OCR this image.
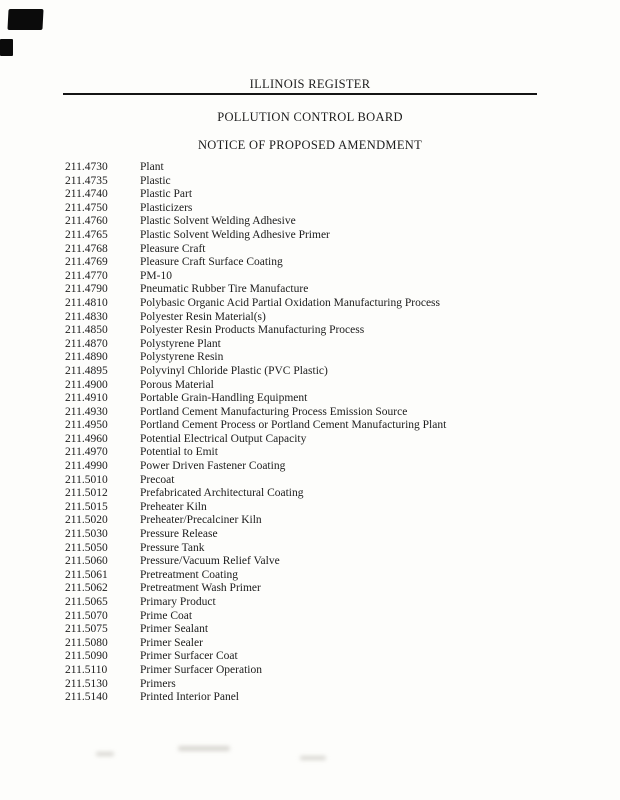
ILLINOIS REGISTER
POLLUTION CONTROL BOARD
NOTICE OF PROPOSED AMENDMENT
211.4730	Plant
211.4735	Plastic
211.4740	Plastic Part
211.4750	Plasticizers
211.4760	Plastic Solvent Welding Adhesive
211.4765	Plastic Solvent Welding Adhesive Primer
211.4768	Pleasure Craft
211.4769	Pleasure Craft Surface Coating
211.4770	PM-10
211.4790	Pneumatic Rubber Tire Manufacture
211.4810	Polybasic Organic Acid Partial Oxidation Manufacturing Process
211.4830	Polyester Resin Material(s)
211.4850	Polyester Resin Products Manufacturing Process
211.4870	Polystyrene Plant
211.4890	Polystyrene Resin
211.4895	Polyvinyl Chloride Plastic (PVC Plastic)
211.4900	Porous Material
211.4910	Portable Grain-Handling Equipment
211.4930	Portland Cement Manufacturing Process Emission Source
211.4950	Portland Cement Process or Portland Cement Manufacturing Plant
211.4960	Potential Electrical Output Capacity
211.4970	Potential to Emit
211.4990	Power Driven Fastener Coating
211.5010	Precoat
211.5012	Prefabricated Architectural Coating
211.5015	Preheater Kiln
211.5020	Preheater/Precalciner Kiln
211.5030	Pressure Release
211.5050	Pressure Tank
211.5060	Pressure/Vacuum Relief Valve
211.5061	Pretreatment Coating
211.5062	Pretreatment Wash Primer
211.5065	Primary Product
211.5070	Prime Coat
211.5075	Primer Sealant
211.5080	Primer Sealer
211.5090	Primer Surfacer Coat
211.5110	Primer Surfacer Operation
211.5130	Primers
211.5140	Printed Interior Panel
